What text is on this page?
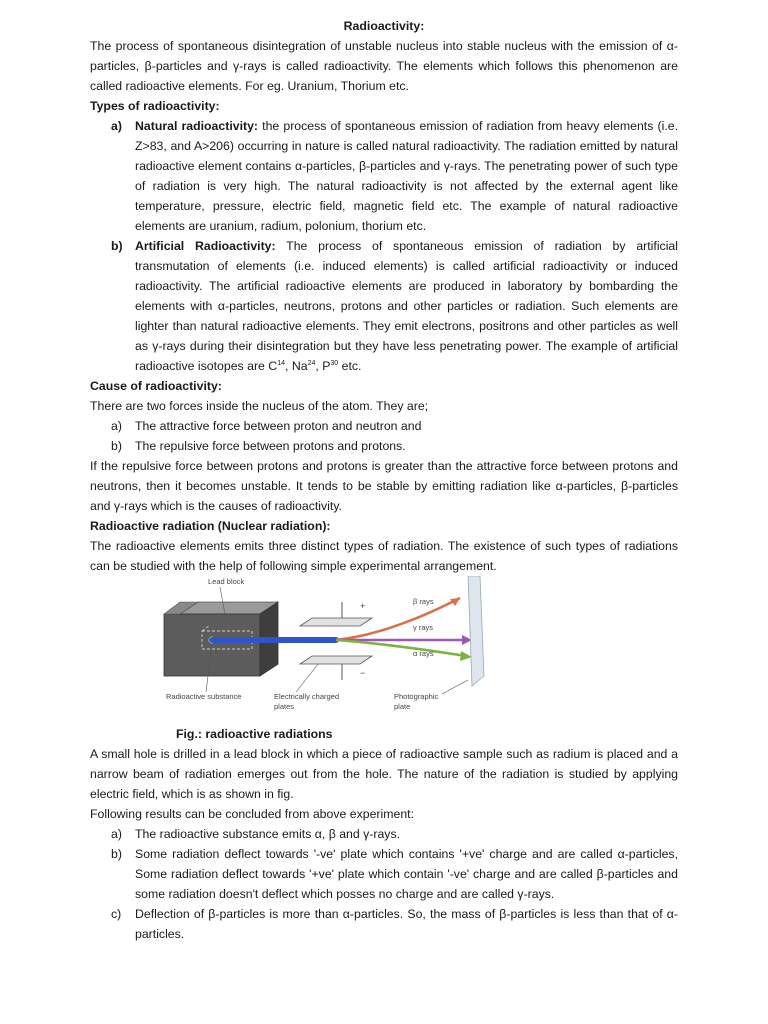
Radioactivity:
The process of spontaneous disintegration of unstable nucleus into stable nucleus with the emission of α-particles, β-particles and γ-rays is called radioactivity. The elements which follows this phenomenon are called radioactive elements. For eg. Uranium, Thorium etc.
Types of radioactivity:
a)	Natural radioactivity: the process of spontaneous emission of radiation from heavy elements (i.e. Z>83, and A>206) occurring in nature is called natural radioactivity. The radiation emitted by natural radioactive element contains α-particles, β-particles and γ-rays. The penetrating power of such type of radiation is very high. The natural radioactivity is not affected by the external agent like temperature, pressure, electric field, magnetic field etc. The example of natural radioactive elements are uranium, radium, polonium, thorium etc.
b)	Artificial Radioactivity: The process of spontaneous emission of radiation by artificial transmutation of elements (i.e. induced elements) is called artificial radioactivity or induced radioactivity. The artificial radioactive elements are produced in laboratory by bombarding the elements with α-particles, neutrons, protons and other particles or radiation. Such elements are lighter than natural radioactive elements. They emit electrons, positrons and other particles as well as γ-rays during their disintegration but they have less penetrating power. The example of artificial radioactive isotopes are $C^{14}$, Na$^{24}$, $P^{30}$ etc.
Cause of radioactivity:
There are two forces inside the nucleus of the atom. They are;
a)	The attractive force between proton and neutron and
b)	The repulsive force between protons and protons.
If the repulsive force between protons and protons is greater than the attractive force between protons and neutrons, then it becomes unstable. It tends to be stable by emitting radiation like α-particles, β-particles and γ-rays which is the causes of radioactivity.
Radioactive radiation (Nuclear radiation):
The radioactive elements emits three distinct types of radiation. The existence of such types of radiations can be studied with the help of following simple experimental arrangement.
+
−
Lead block
β rays
γ rays
α rays
Radioactive substance	Electrically charged
plates
Photographic
plate
Fig.: radioactive radiations
A small hole is drilled in a lead block in which a piece of radioactive sample such as radium is placed and a narrow beam of radiation emerges out from the hole. The nature of the radiation is studied by applying electric field, which is as shown in fig.
Following results can be concluded from above experiment:
a)	The radioactive substance emits α, β and γ-rays.
b)	Some radiation deflect towards '-ve' plate which contains '+ve' charge and are called α-particles, Some radiation deflect towards '+ve' plate which contain '-ve' charge and are called β-particles and some radiation doesn't deflect which posses no charge and are called γ-rays.
c)	Deflection of β-particles is more than α-particles. So, the mass of β-particles is less than that of α-particles.
